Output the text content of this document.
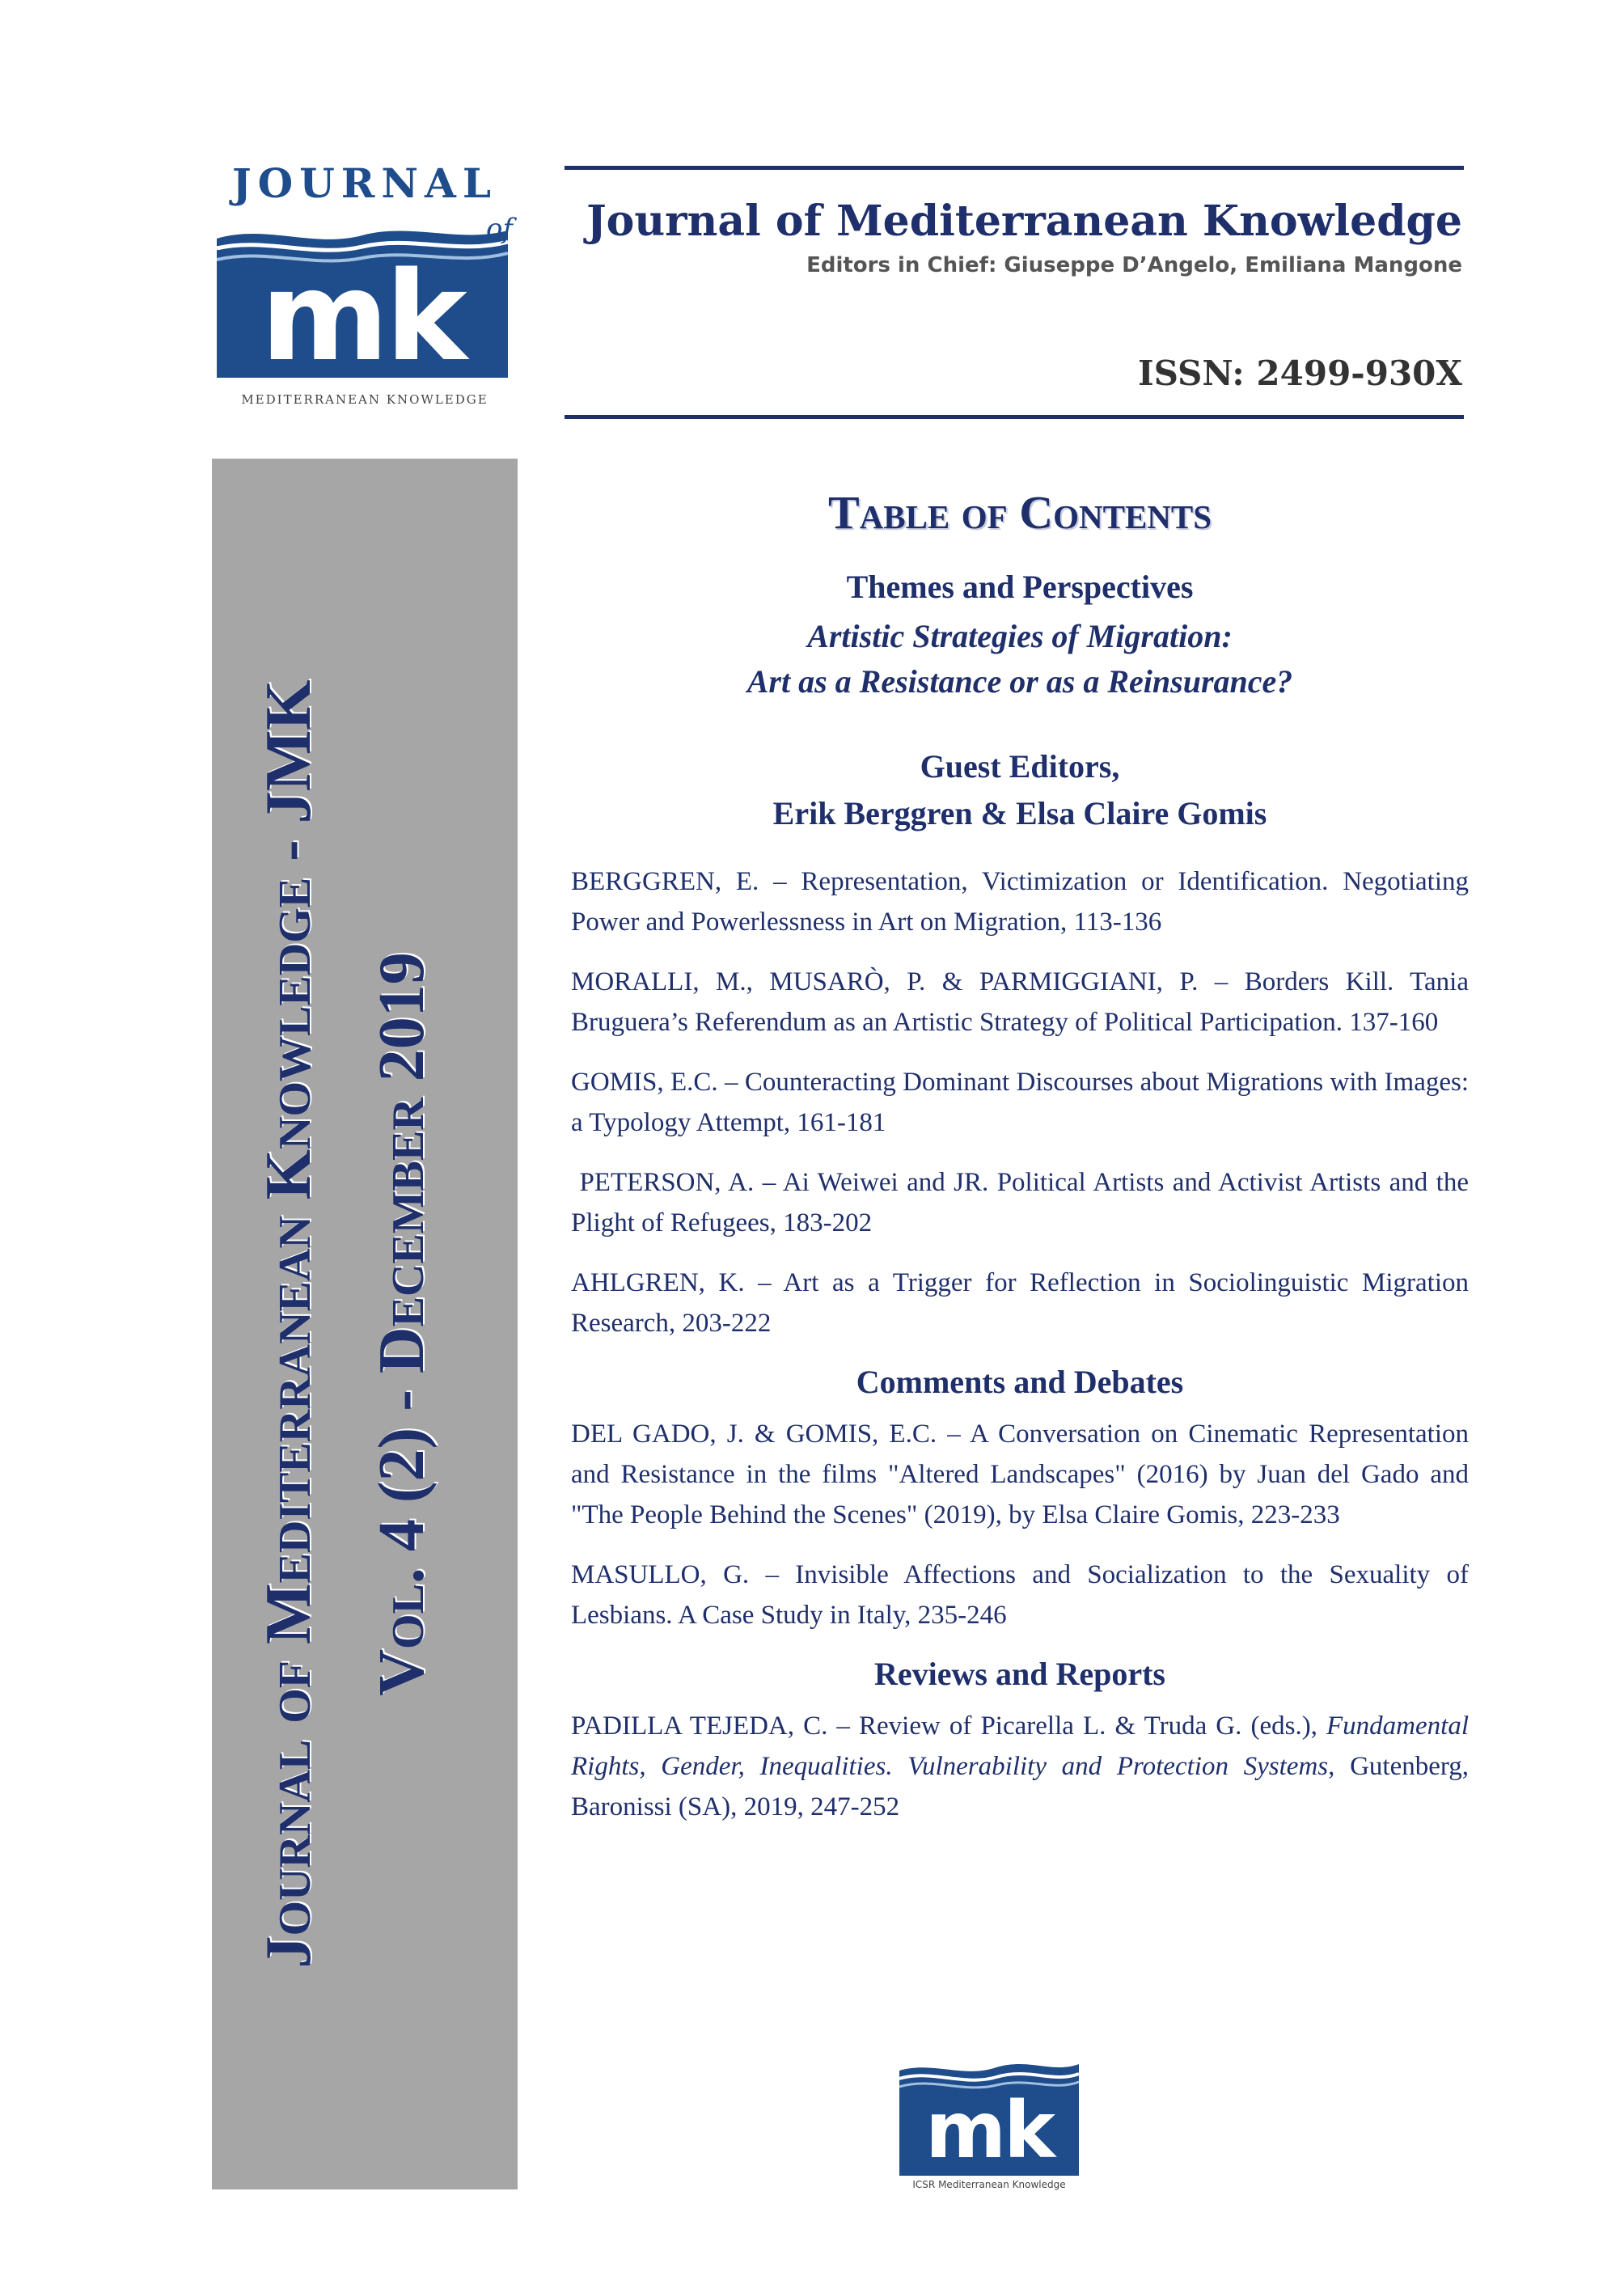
JOURNAL
mk
of
MEDITERRANEAN KNOWLEDGE
Journal of Mediterranean Knowledge
Editors in Chief: Giuseppe D’Angelo, Emiliana Mangone
ISSN: 2499-930X
Journal of Mediterranean Knowledge - JMK Vol. 4 (2) - December 2019
Table of Contents
Themes and Perspectives
Artistic Strategies of Migration:
Art as a Resistance or as a Reinsurance?
Guest Editors,
Erik Berggren & Elsa Claire Gomis
BERGGREN, E. – Representation, Victimization or Identification. Negotiating Power and Powerlessness in Art on Migration, 113-136
MORALLI, M., MUSARÒ, P. & PARMIGGIANI, P. – Borders Kill. Tania Bruguera’s Referendum as an Artistic Strategy of Political Participation. 137-160
GOMIS, E.C. – Counteracting Dominant Discourses about Migrations with Images: a Typology Attempt, 161-181
PETERSON, A. – Ai Weiwei and JR. Political Artists and Activist Artists and the Plight of Refugees, 183-202
AHLGREN, K. – Art as a Trigger for Reflection in Sociolinguistic Migration Research, 203-222
Comments and Debates
DEL GADO, J. & GOMIS, E.C. – A Conversation on Cinematic Representation and Resistance in the films "Altered Landscapes" (2016) by Juan del Gado and "The People Behind the Scenes" (2019), by Elsa Claire Gomis, 223-233
MASULLO, G. – Invisible Affections and Socialization to the Sexuality of Lesbians. A Case Study in Italy, 235-246
Reviews and Reports
PADILLA TEJEDA, C. – Review of Picarella L. & Truda G. (eds.), Fundamental Rights, Gender, Inequalities. Vulnerability and Protection Systems, Gutenberg, Baronissi (SA), 2019, 247-252
mk
ICSR Mediterranean Knowledge
